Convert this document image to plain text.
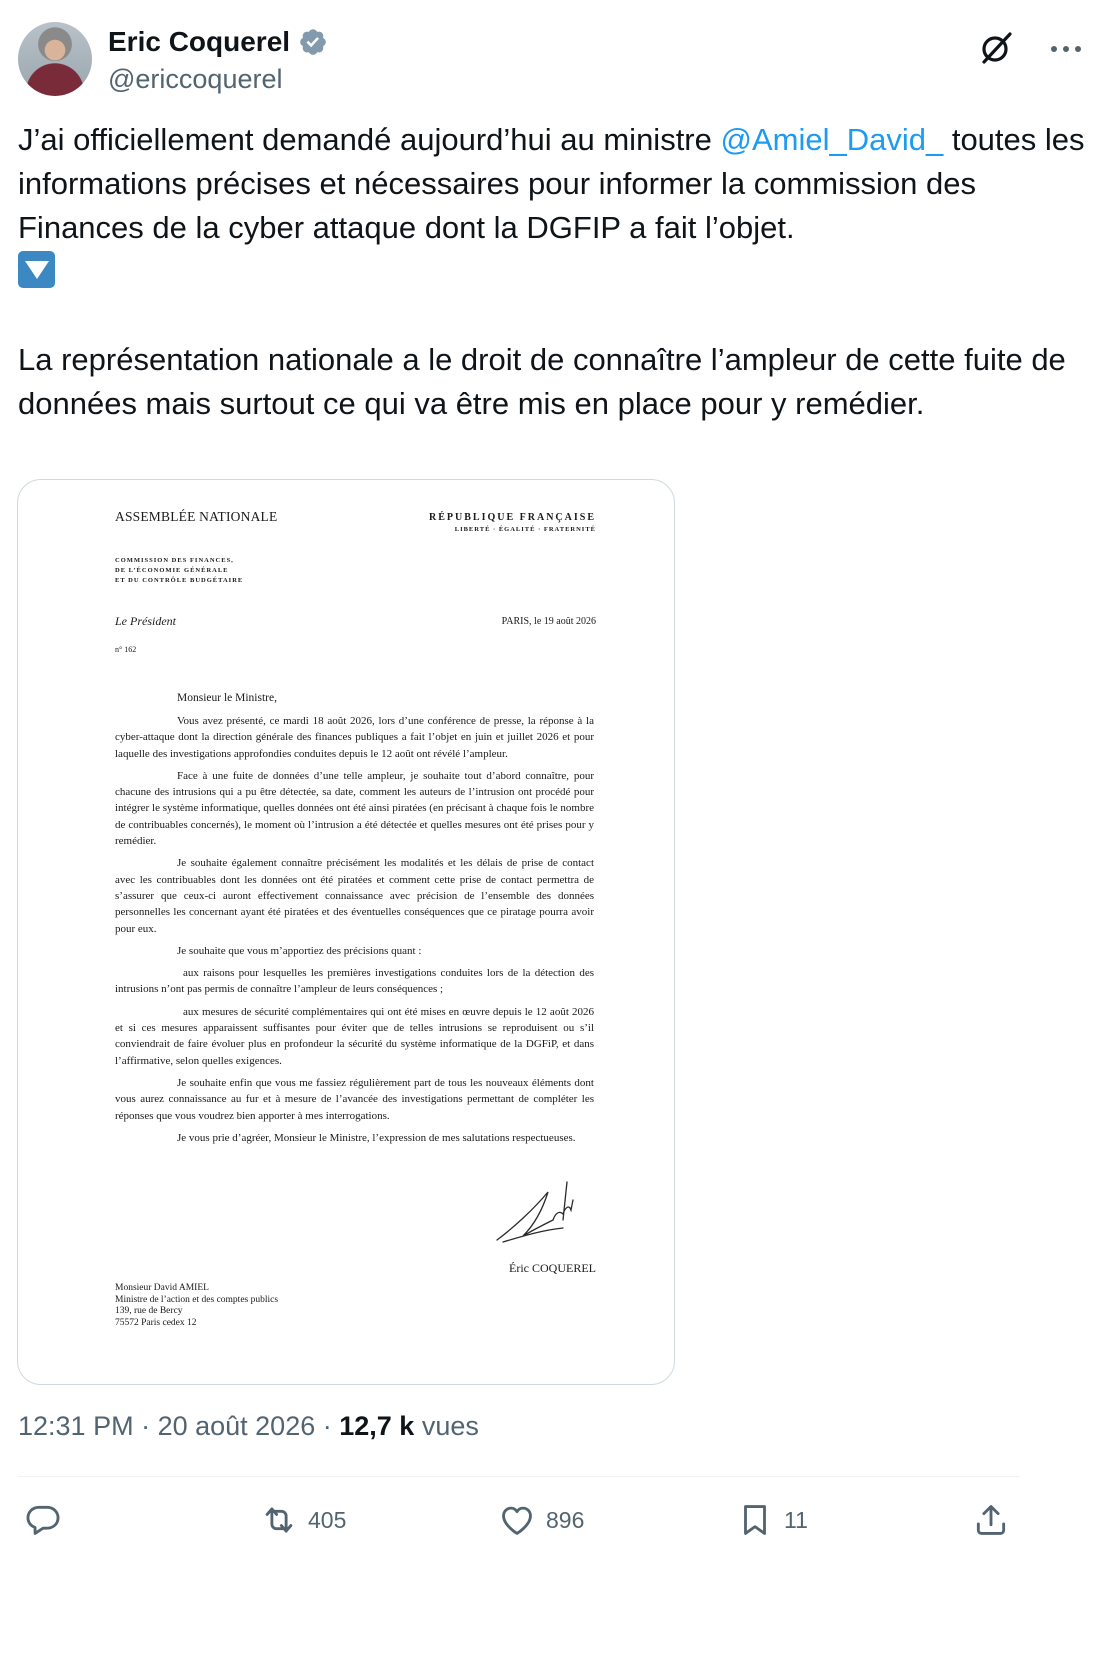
Eric Coquerel
@ericcoquerel

J’ai officiellement demandé aujourd’hui au ministre @Amiel_David_ toutes les informations précises et nécessaires pour informer la commission des Finances de la cyber attaque dont la DGFIP a fait l’objet.

La représentation nationale a le droit de connaître l’ampleur de cette fuite de données mais surtout ce qui va être mis en place pour y remédier.

ASSEMBLÉE NATIONALE	RÉPUBLIQUE FRANÇAISE
LIBERTÉ · ÉGALITÉ · FRATERNITÉ
COMMISSION DES FINANCES,
DE L’ÉCONOMIE GÉNÉRALE
ET DU CONTRÔLE BUDGÉTAIRE
Le Président	PARIS, le 19 août 2026
n° 162
Monsieur le Ministre,

Vous avez présenté, ce mardi 18 août 2026, lors d’une conférence de presse, la réponse à la cyber-attaque dont la direction générale des finances publiques a fait l’objet en juin et juillet 2026 et pour laquelle des investigations approfondies conduites depuis le 12 août ont révélé l’ampleur.

Face à une fuite de données d’une telle ampleur, je souhaite tout d’abord connaître, pour chacune des intrusions qui a pu être détectée, sa date, comment les auteurs de l’intrusion ont procédé pour intégrer le système informatique, quelles données ont été ainsi piratées (en précisant à chaque fois le nombre de contribuables concernés), le moment où l’intrusion a été détectée et quelles mesures ont été prises pour y remédier.

Je souhaite également connaître précisément les modalités et les délais de prise de contact avec les contribuables dont les données ont été piratées et comment cette prise de contact permettra de s’assurer que ceux-ci auront effectivement connaissance avec précision de l’ensemble des données personnelles les concernant ayant été piratées et des éventuelles conséquences que ce piratage pourra avoir pour eux.

Je souhaite que vous m’apportiez des précisions quant :

aux raisons pour lesquelles les premières investigations conduites lors de la détection des intrusions n’ont pas permis de connaître l’ampleur de leurs conséquences ;

aux mesures de sécurité complémentaires qui ont été mises en œuvre depuis le 12 août 2026 et si ces mesures apparaissent suffisantes pour éviter que de telles intrusions se reproduisent ou s’il conviendrait de faire évoluer plus en profondeur la sécurité du système informatique de la DGFiP, et dans l’affirmative, selon quelles exigences.

Je souhaite enfin que vous me fassiez régulièrement part de tous les nouveaux éléments dont vous aurez connaissance au fur et à mesure de l’avancée des investigations permettant de compléter les réponses que vous voudrez bien apporter à mes interrogations.

Je vous prie d’agréer, Monsieur le Ministre, l’expression de mes salutations respectueuses.

Éric COQUEREL
Monsieur David AMIEL
Ministre de l’action et des comptes publics
139, rue de Bercy
75572 Paris cedex 12
12:31 PM · 20 août 2026 · 12,7 k vues
405	896	11
